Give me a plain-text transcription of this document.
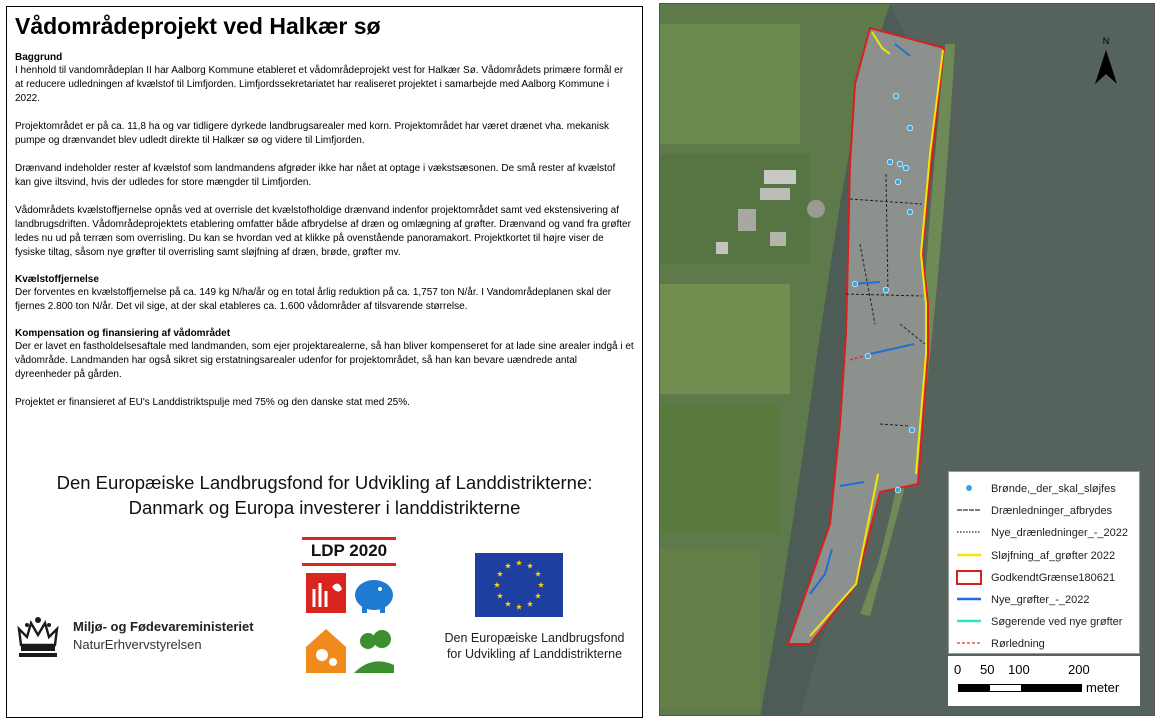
Vådområdeprojekt ved Halkær sø
Baggrund

I henhold til vandområdeplan II har Aalborg Kommune etableret et vådområdeprojekt vest for Halkær Sø. Vådområdets primære formål er at reducere udledningen af kvælstof til Limfjorden. Limfjordssekretariatet har realiseret projektet i samarbejde med Aalborg Kommune i 2022.

Projektområdet er på ca. 11,8 ha og var tidligere dyrkede landbrugsarealer med korn. Projektområdet har været drænet vha. mekanisk pumpe og drænvandet blev udledt direkte til Halkær sø og videre til Limfjorden.

Drænvand indeholder rester af kvælstof som landmandens afgrøder ikke har nået at optage i vækstsæsonen. De små rester af kvælstof kan give iltsvind, hvis der udledes for store mængder til Limfjorden.

Vådområdets kvælstoffjernelse opnås ved at overrisle det kvælstofholdige drænvand indenfor projektområdet samt ved ekstensivering af landbrugsdriften. Vådområdeprojektets etablering omfatter både afbrydelse af dræn og omlægning af grøfter. Drænvand og vand fra grøfter ledes nu ud på terræn som overrisling. Du kan se hvordan ved at klikke på ovenstående panoramakort. Projektkortet til højre viser de fysiske tiltag, såsom nye grøfter til overrisling samt sløjfning af dræn, brøde, grøfter mv.

Kvælstoffjernelse

Der forventes en kvælstoffjernelse på ca. 149 kg N/ha/år og en total årlig reduktion på ca. 1,757 ton N/år. I Vandområdeplanen skal der fjernes 2.800 ton N/år. Det vil sige, at der skal etableres ca. 1.600 vådområder af tilsvarende størrelse.

Kompensation og finansiering af vådområdet

Der er lavet en fastholdelsesaftale med landmanden, som ejer projektarealerne, så han bliver kompenseret for at lade sine arealer indgå i et vådområde. Landmanden har også sikret sig erstatningsarealer udenfor for projektområdet, så han kan bevare uændrede antal dyreenheder på gården.

Projektet er finansieret af EU's Landdistriktspulje med 75% og den danske stat med 25%.

Den Europæiske Landbrugsfond for Udvikling af Landdistrikterne:
Danmark og Europa investerer i landdistrikterne
Miljø- og Fødevareministeriet
NaturErhvervstyrelsen
LDP 2020
Den Europæiske Landbrugsfond
for Udvikling af Landdistrikterne
N
Brønde,_der_skal_sløjfes
Drænledninger_afbrydes
Nye_drænledninger_-_2022
Sløjfning_af_grøfter 2022
GodkendtGrænse180621
Nye_grøfter_-_2022
Søgerende ved nye grøfter
Rørledning
0 50 100	200
meter
